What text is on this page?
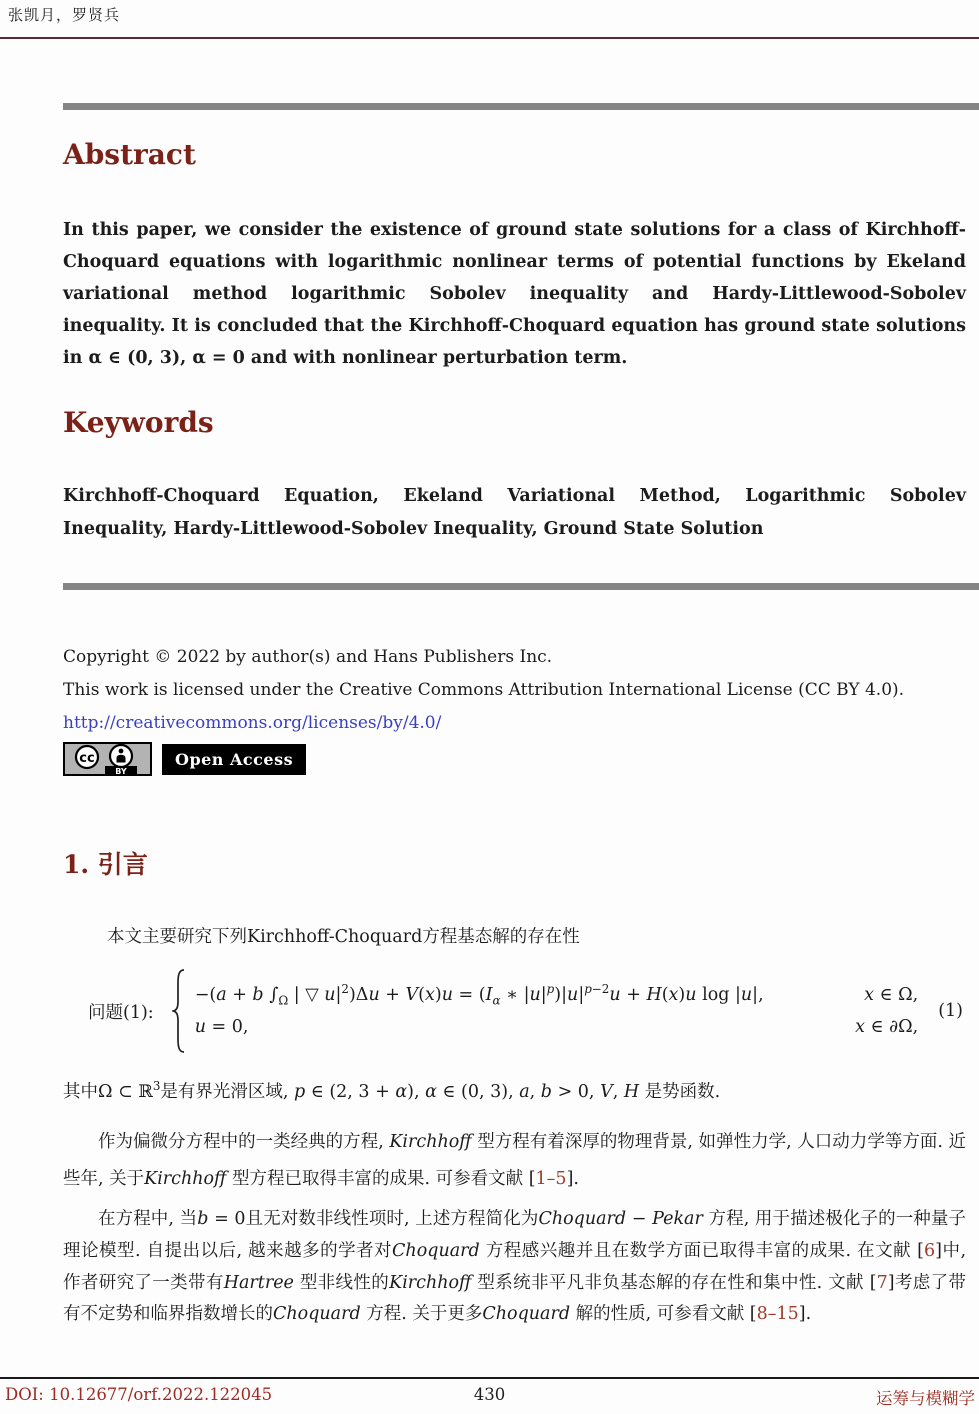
张凯月，罗贤兵
Abstract

In this paper, we consider the existence of ground state solutions for a class of Kirchhoff-Choquard equations with logarithmic nonlinear terms of potential functions by Ekeland variational method logarithmic Sobolev inequality and Hardy-Littlewood-Sobolev inequality. It is concluded that the Kirchhoff-Choquard equation has ground state solutions in α ∈ (0, 3), α = 0 and with nonlinear perturbation term.

Keywords

Kirchhoff-Choquard Equation, Ekeland Variational Method, Logarithmic Sobolev Inequality, Hardy-Littlewood-Sobolev Inequality, Ground State Solution

Copyright © 2022 by author(s) and Hans Publishers Inc.
This work is licensed under the Creative Commons Attribution International License (CC BY 4.0).
http://creativecommons.org/licenses/by/4.0/
cc
BY
Open Access
1. 引言

本文主要研究下列Kirchhoff-Choquard方程基态解的存在性

问题(1):
−(a + b $\int_\Omega$ | ▽ $u|^2)\Delta u + V(x)u = (I_\alpha$ ∗ $|u|^p)|u|^{p-2}u + H(x)u$ log |u|,	x ∈ Ω,
u = 0,	x ∈ ∂Ω,
(1)

其中Ω ⊂ ℝ$^3$是有界光滑区域, p ∈ (2, 3 + α), α ∈ (0, 3), a, b > 0, V, H 是势函数.

作为偏微分方程中的一类经典的方程, Kirchhoff 型方程有着深厚的物理背景, 如弹性力学, 人口动力学等方面. 近些年, 关于Kirchhoff 型方程已取得丰富的成果. 可参看文献 [1–5].

在方程中, 当b = 0且无对数非线性项时, 上述方程简化为Choquard − Pekar 方程, 用于描述极化子的一种量子理论模型. 自提出以后, 越来越多的学者对Choquard 方程感兴趣并且在数学方面已取得丰富的成果. 在文献 [6]中, 作者研究了一类带有Hartree 型非线性的Kirchhoff 型系统非平凡非负基态解的存在性和集中性. 文献 [7]考虑了带有不定势和临界指数增长的Choquard 方程. 关于更多Choquard 解的性质, 可参看文献 [8–15].

DOI: 10.12677/orf.2022.122045	430	运筹与模糊学
